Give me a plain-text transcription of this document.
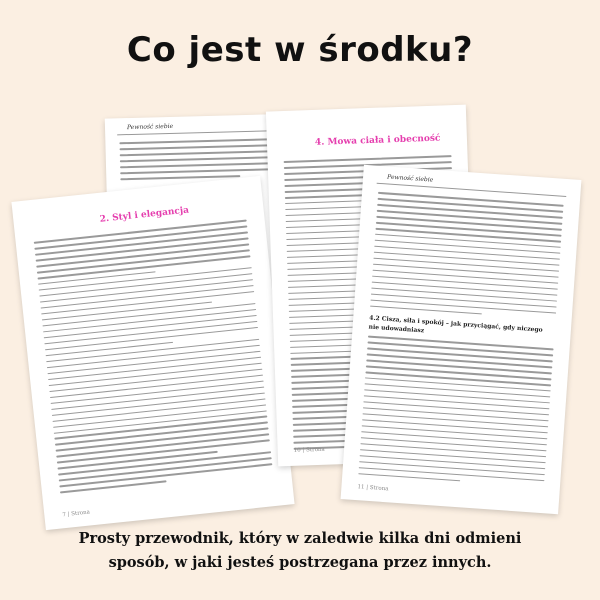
Co jest w środku?
Pewność siebie
2. Styl i elegancja
7 | Strona
4. Mowa ciała i obecność
10 | Strona
Pewność siebie
4.2 Cisza, siła i spokój – jak przyciągać, gdy niczego nie udowadniasz
11 | Strona
Prosty przewodnik, który w zaledwie kilka dni odmieni sposób, w jaki jesteś postrzegana przez innych.
